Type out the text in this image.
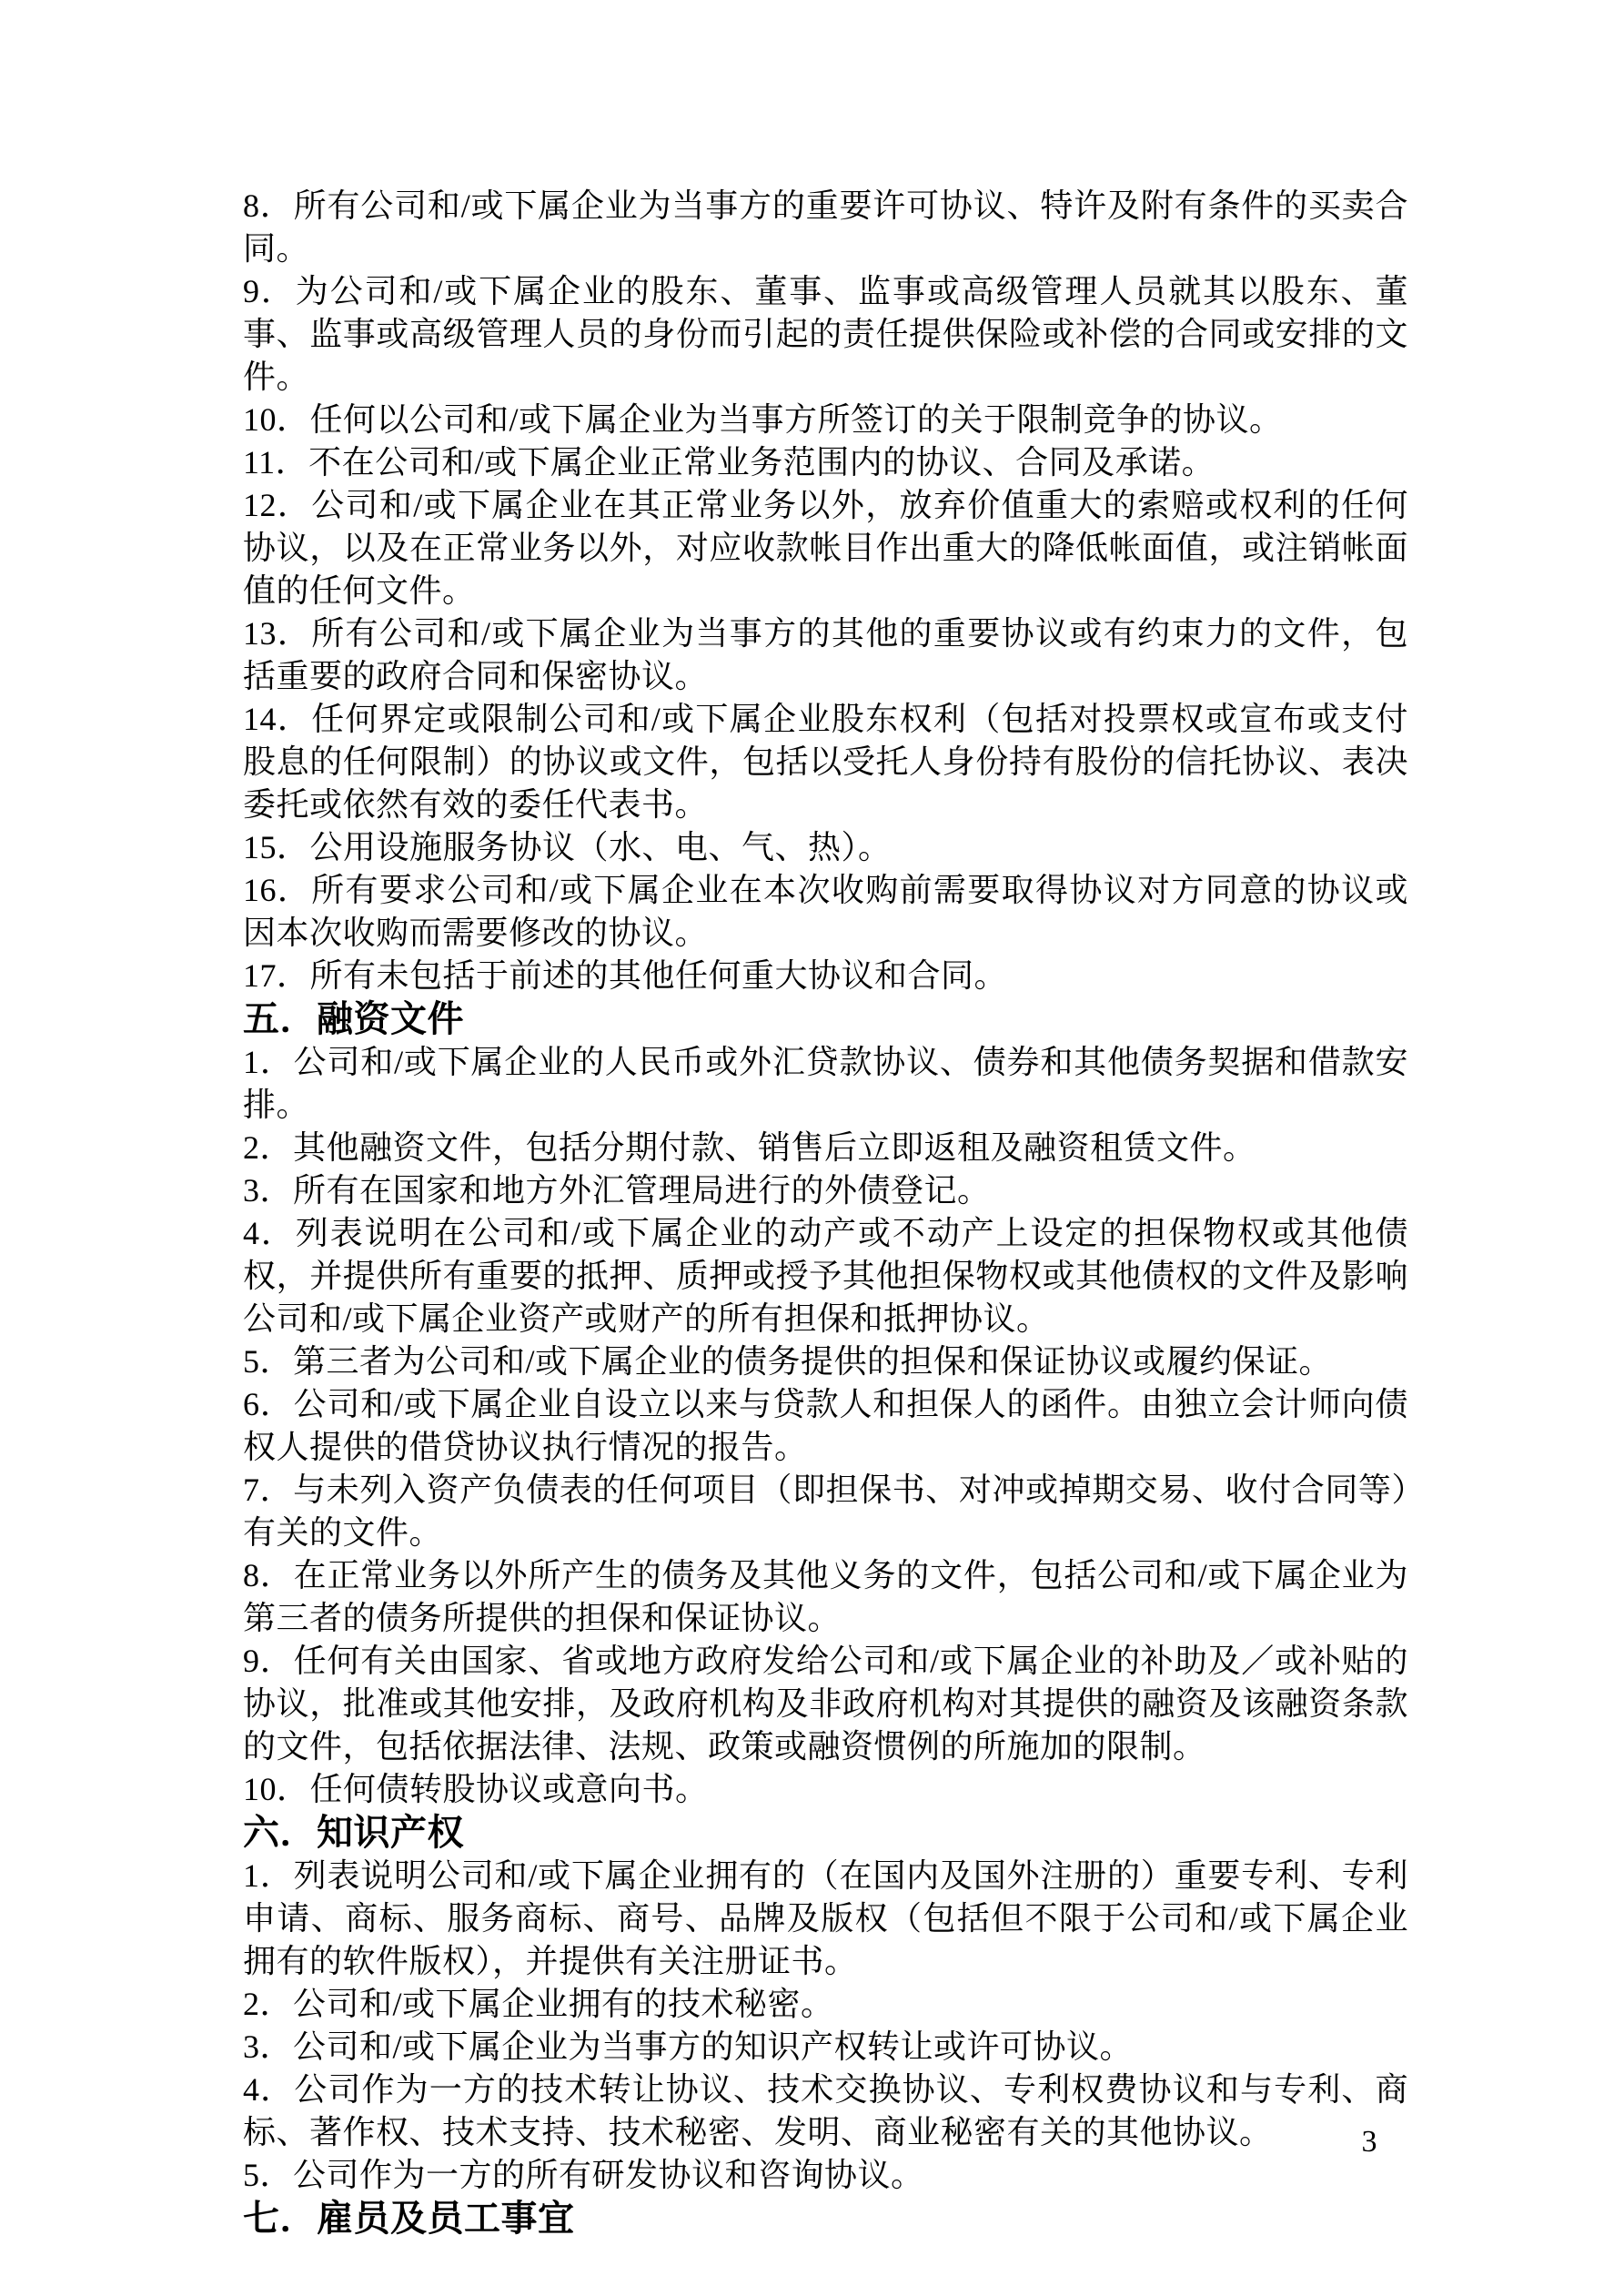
8．所有公司和/或下属企业为当事方的重要许可协议、特许及附有条件的买卖合同。

9．为公司和/或下属企业的股东、董事、监事或高级管理人员就其以股东、董事、监事或高级管理人员的身份而引起的责任提供保险或补偿的合同或安排的文件。

10．任何以公司和/或下属企业为当事方所签订的关于限制竞争的协议。

11．不在公司和/或下属企业正常业务范围内的协议、合同及承诺。

12．公司和/或下属企业在其正常业务以外，放弃价值重大的索赔或权利的任何协议，以及在正常业务以外，对应收款帐目作出重大的降低帐面值，或注销帐面值的任何文件。

13．所有公司和/或下属企业为当事方的其他的重要协议或有约束力的文件，包括重要的政府合同和保密协议。

14．任何界定或限制公司和/或下属企业股东权利（包括对投票权或宣布或支付股息的任何限制）的协议或文件，包括以受托人身份持有股份的信托协议、表决委托或依然有效的委任代表书。

15．公用设施服务协议（水、电、气、热）。

16．所有要求公司和/或下属企业在本次收购前需要取得协议对方同意的协议或因本次收购而需要修改的协议。

17．所有未包括于前述的其他任何重大协议和合同。

五．融资文件

1．公司和/或下属企业的人民币或外汇贷款协议、债券和其他债务契据和借款安排。

2．其他融资文件，包括分期付款、销售后立即返租及融资租赁文件。

3．所有在国家和地方外汇管理局进行的外债登记。

4．列表说明在公司和/或下属企业的动产或不动产上设定的担保物权或其他债权，并提供所有重要的抵押、质押或授予其他担保物权或其他债权的文件及影响公司和/或下属企业资产或财产的所有担保和抵押协议。

5．第三者为公司和/或下属企业的债务提供的担保和保证协议或履约保证。

6．公司和/或下属企业自设立以来与贷款人和担保人的函件。由独立会计师向债权人提供的借贷协议执行情况的报告。

7．与未列入资产负债表的任何项目（即担保书、对冲或掉期交易、收付合同等）有关的文件。

8．在正常业务以外所产生的债务及其他义务的文件，包括公司和/或下属企业为第三者的债务所提供的担保和保证协议。

9．任何有关由国家、省或地方政府发给公司和/或下属企业的补助及／或补贴的协议，批准或其他安排，及政府机构及非政府机构对其提供的融资及该融资条款的文件，包括依据法律、法规、政策或融资惯例的所施加的限制。

10．任何债转股协议或意向书。

六．知识产权

1．列表说明公司和/或下属企业拥有的（在国内及国外注册的）重要专利、专利申请、商标、服务商标、商号、品牌及版权（包括但不限于公司和/或下属企业拥有的软件版权），并提供有关注册证书。

2．公司和/或下属企业拥有的技术秘密。

3．公司和/或下属企业为当事方的知识产权转让或许可协议。

4．公司作为一方的技术转让协议、技术交换协议、专利权费协议和与专利、商标、著作权、技术支持、技术秘密、发明、商业秘密有关的其他协议。

5．公司作为一方的所有研发协议和咨询协议。

七．雇员及员工事宜
3
